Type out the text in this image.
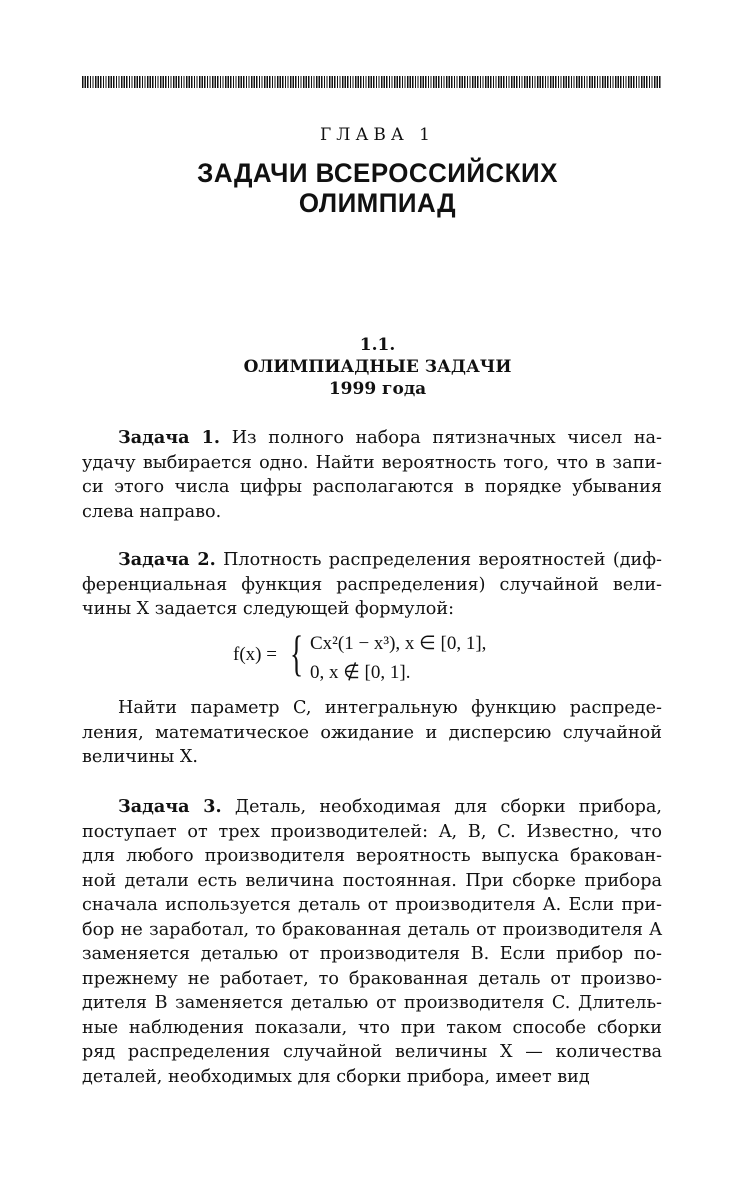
ГЛАВА 1
ЗАДАЧИ ВСЕРОССИЙСКИХ
ОЛИМПИАД
1.1.
ОЛИМПИАДНЫЕ ЗАДАЧИ
1999 года
Задача 1. Из полного набора пятизначных чисел на-
удачу выбирается одно. Найти вероятность того, что в запи-
си этого числа цифры располагаются в порядке убывания
слева направо.
Задача 2. Плотность распределения вероятностей (диф-
ференциальная функция распределения) случайной вели-
чины X задается следующей формулой:
f(x) = { Cx²(1 − x³), x ∈ [0, 1],
0, x ∉ [0, 1].
Найти параметр C, интегральную функцию распреде-
ления, математическое ожидание и дисперсию случайной
величины X.
Задача 3. Деталь, необходимая для сборки прибора,
поступает от трех производителей: A, B, C. Известно, что
для любого производителя вероятность выпуска бракован-
ной детали есть величина постоянная. При сборке прибора
сначала используется деталь от производителя A. Если при-
бор не заработал, то бракованная деталь от производителя A
заменяется деталью от производителя B. Если прибор по-
прежнему не работает, то бракованная деталь от произво-
дителя B заменяется деталью от производителя C. Длитель-
ные наблюдения показали, что при таком способе сборки
ряд распределения случайной величины X — количества
деталей, необходимых для сборки прибора, имеет вид
